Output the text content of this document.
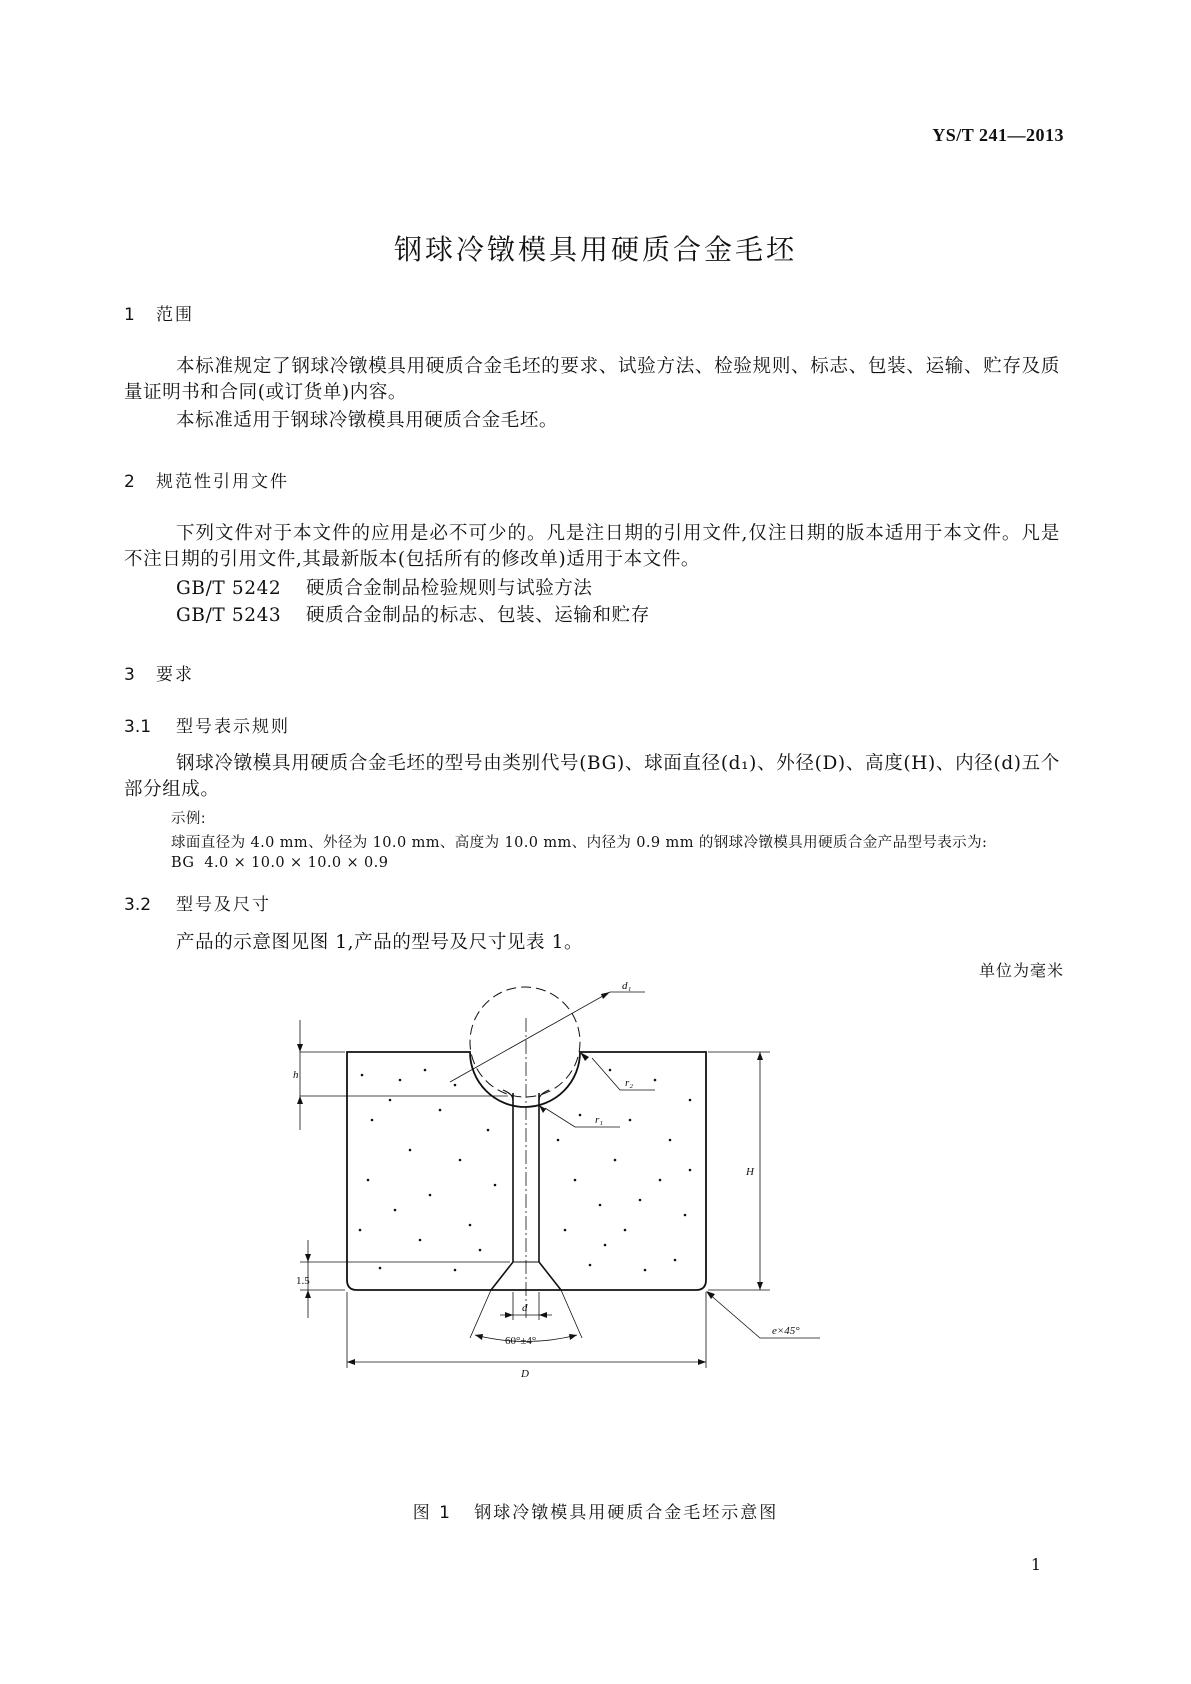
YS/T 241—2013
钢球冷镦模具用硬质合金毛坯
1 范围
本标准规定了钢球冷镦模具用硬质合金毛坯的要求、试验方法、检验规则、标志、包装、运输、贮存及质量证明书和合同(或订货单)内容。
本标准适用于钢球冷镦模具用硬质合金毛坯。
2 规范性引用文件
下列文件对于本文件的应用是必不可少的。凡是注日期的引用文件,仅注日期的版本适用于本文件。凡是不注日期的引用文件,其最新版本(包括所有的修改单)适用于本文件。
GB/T 5242 硬质合金制品检验规则与试验方法
GB/T 5243 硬质合金制品的标志、包装、运输和贮存
3 要求
3.1 型号表示规则
钢球冷镦模具用硬质合金毛坯的型号由类别代号(BG)、球面直径(d₁)、外径(D)、高度(H)、内径(d)五个部分组成。
示例:
球面直径为 4.0 mm、外径为 10.0 mm、高度为 10.0 mm、内径为 0.9 mm 的钢球冷镦模具用硬质合金产品型号表示为:
BG  4.0 × 10.0 × 10.0 × 0.9
3.2 型号及尺寸
产品的示意图见图 1,产品的型号及尺寸见表 1。
单位为毫米
d₁
h
r₂
r₁
H
1.5
d
60°±4°
D
e×45°
图 1 钢球冷镦模具用硬质合金毛坯示意图
1
